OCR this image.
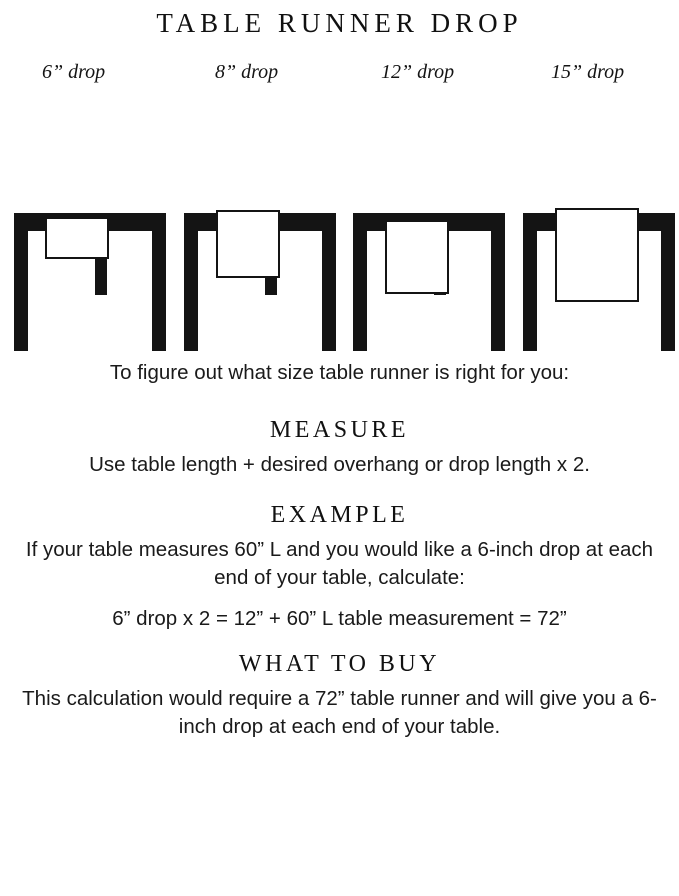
TABLE RUNNER DROP
6” drop	8” drop	12” drop	15” drop
To figure out what size table runner is right for you:
MEASURE
Use table length + desired overhang or drop length x 2.
EXAMPLE
If your table measures 60” L and you would like a 6-inch drop at each end of your table, calculate:
6” drop x 2 = 12” + 60” L table measurement = 72”
WHAT TO BUY
This calculation would require a 72” table runner and will give you a 6-inch drop at each end of your table.
